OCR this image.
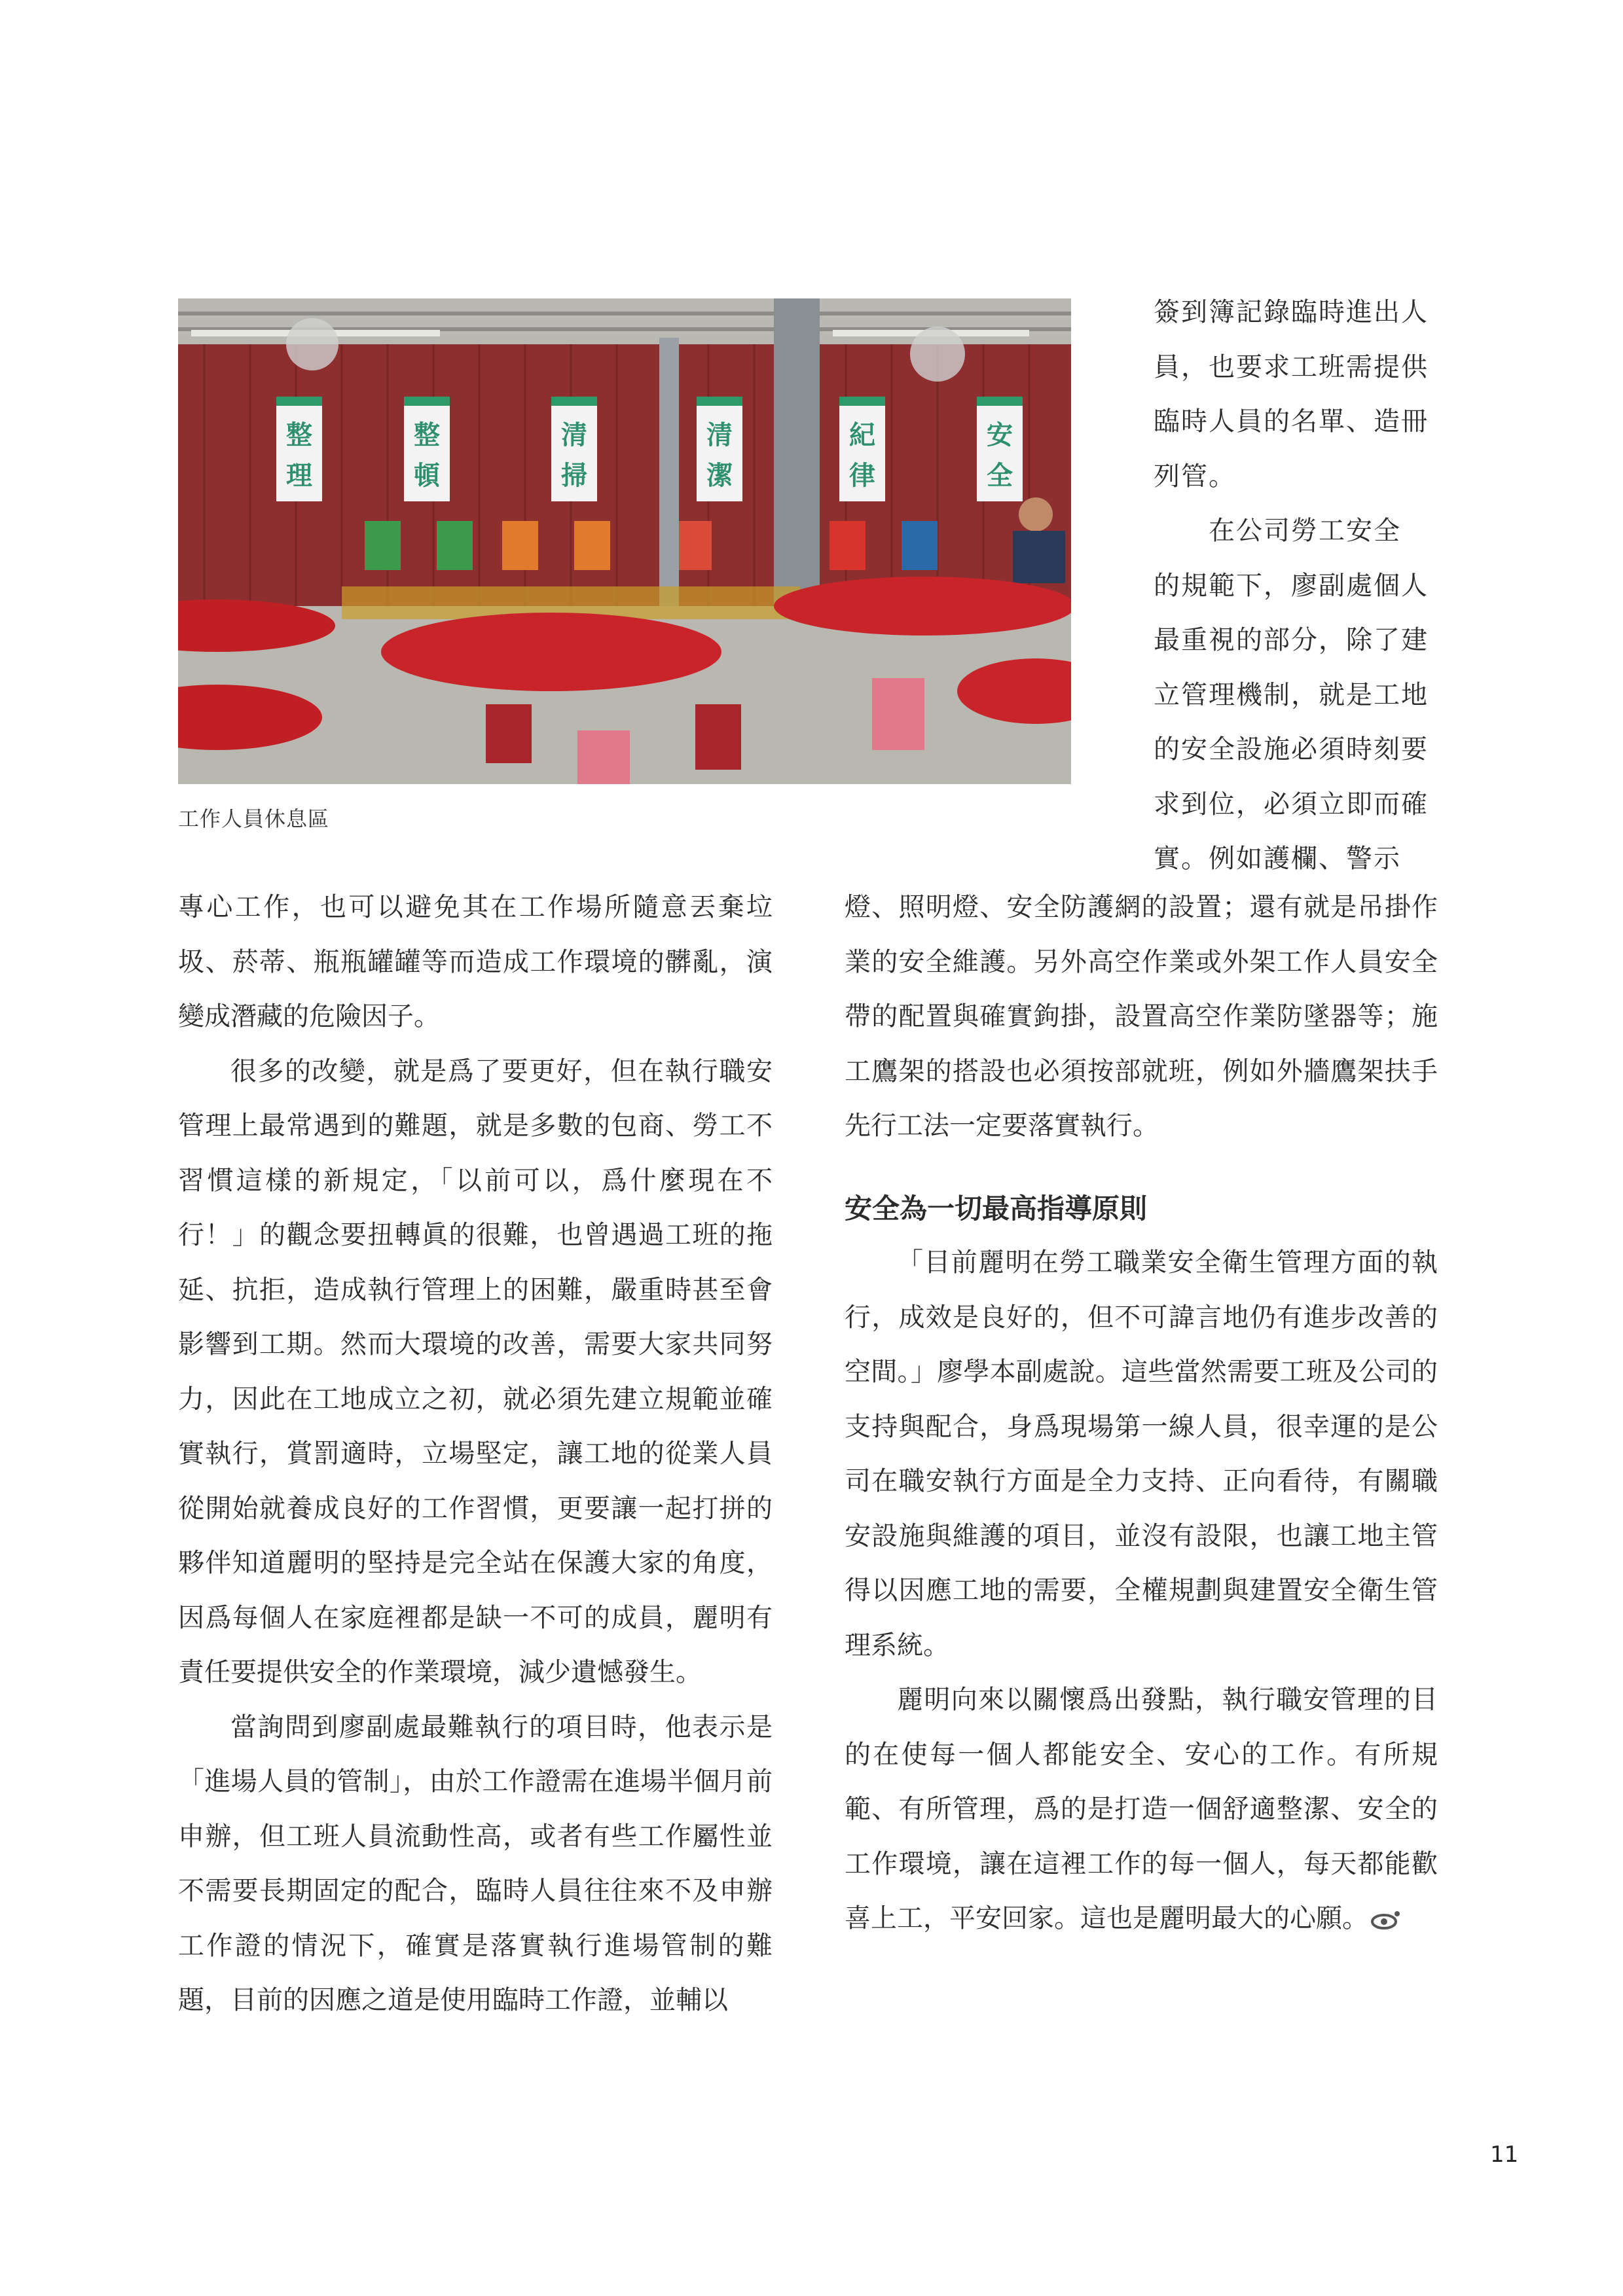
整理
整頓
清掃
清潔
紀律
安全
工作人員休息區
簽到簿記錄臨時進出人
員，也要求工班需提供
臨時人員的名單、造冊
列管。
　　在公司勞工安全
的規範下，廖副處個人
最重視的部分，除了建
立管理機制，就是工地
的安全設施必須時刻要
求到位，必須立即而確
實。例如護欄、警示

專心工作，也可以避免其在工作場所隨意丟棄垃圾、菸蒂、瓶瓶罐罐等而造成工作環境的髒亂，演變成潛藏的危險因子。

很多的改變，就是爲了要更好，但在執行職安管理上最常遇到的難題，就是多數的包商、勞工不習慣這樣的新規定，「以前可以，爲什麼現在不行！」的觀念要扭轉眞的很難，也曾遇過工班的拖延、抗拒，造成執行管理上的困難，嚴重時甚至會影響到工期。然而大環境的改善，需要大家共同努力，因此在工地成立之初，就必須先建立規範並確實執行，賞罰適時，立場堅定，讓工地的從業人員從開始就養成良好的工作習慣，更要讓一起打拼的夥伴知道麗明的堅持是完全站在保護大家的角度，因爲每個人在家庭裡都是缺一不可的成員，麗明有責任要提供安全的作業環境，減少遺憾發生。

當詢問到廖副處最難執行的項目時，他表示是「進場人員的管制」，由於工作證需在進場半個月前申辦，但工班人員流動性高，或者有些工作屬性並不需要長期固定的配合，臨時人員往往來不及申辦工作證的情況下，確實是落實執行進場管制的難題，目前的因應之道是使用臨時工作證，並輔以

燈、照明燈、安全防護網的設置；還有就是吊掛作業的安全維護。另外高空作業或外架工作人員安全帶的配置與確實鉤掛，設置高空作業防墜器等；施工鷹架的搭設也必須按部就班，例如外牆鷹架扶手先行工法一定要落實執行。

安全為一切最高指導原則

「目前麗明在勞工職業安全衛生管理方面的執行，成效是良好的，但不可諱言地仍有進步改善的空間。」廖學本副處說。這些當然需要工班及公司的支持與配合，身爲現場第一線人員，很幸運的是公司在職安執行方面是全力支持、正向看待，有關職安設施與維護的項目，並沒有設限，也讓工地主管得以因應工地的需要，全權規劃與建置安全衛生管理系統。

麗明向來以關懷爲出發點，執行職安管理的目的在使每一個人都能安全、安心的工作。有所規範、有所管理，爲的是打造一個舒適整潔、安全的工作環境，讓在這裡工作的每一個人，每天都能歡喜上工，平安回家。這也是麗明最大的心願。

11
